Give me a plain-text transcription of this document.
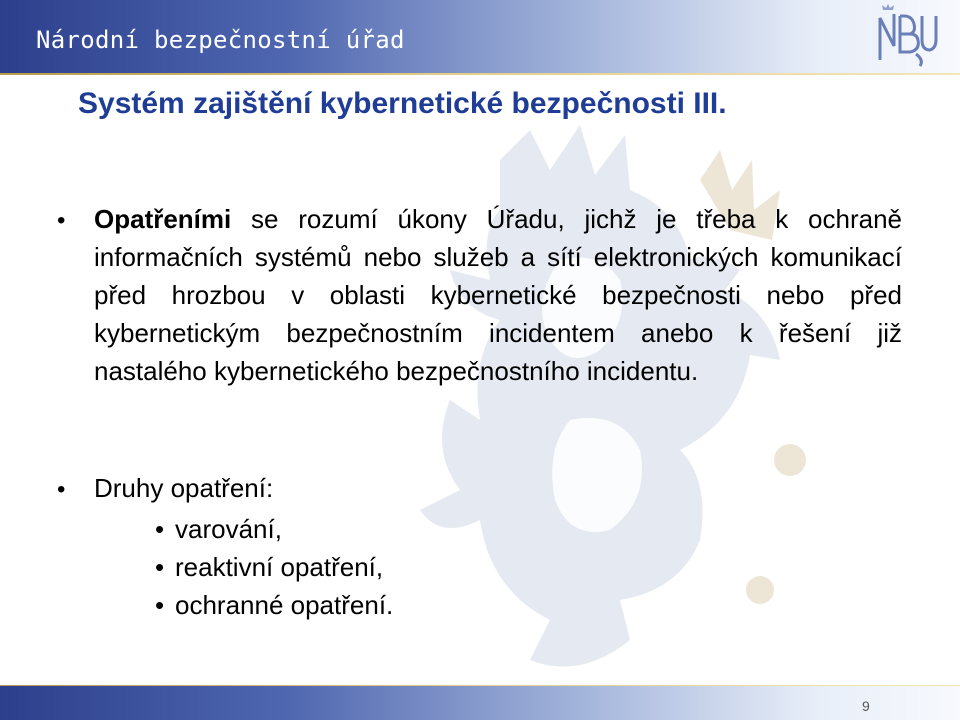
Národní bezpečnostní úřad
Systém zajištění kybernetické bezpečnosti III.
• Opatřeními se rozumí úkony Úřadu, jichž je třeba k ochraně informačních systémů nebo služeb a sítí elektronických komunikací před hrozbou v oblasti kybernetické bezpečnosti nebo před kybernetickým bezpečnostním incidentem anebo k řešení již nastalého kybernetického bezpečnostního incidentu.
• Druhy opatření:
• varování,
• reaktivní opatření,
• ochranné opatření.
9
